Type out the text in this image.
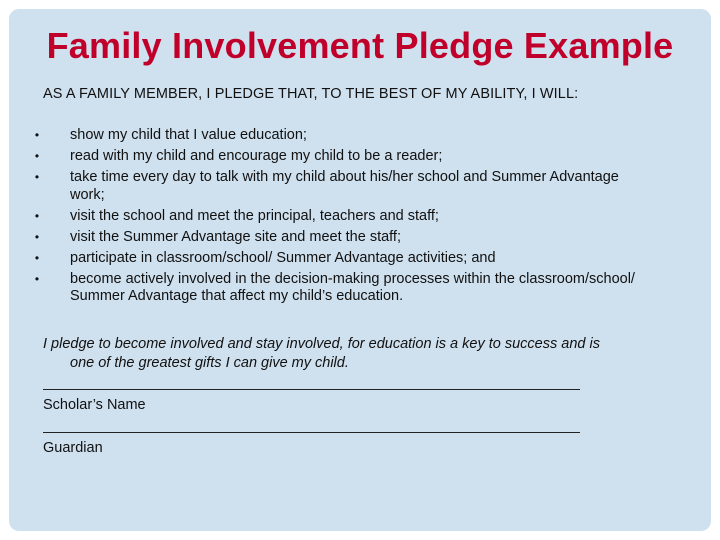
Family Involvement Pledge Example
AS A FAMILY MEMBER, I PLEDGE THAT, TO THE BEST OF MY ABILITY, I WILL:
•	show my child that I value education;
•	read with my child and encourage my child to be a reader;
•	take time every day to talk with my child about his/her school and Summer Advantage work;
•	visit the school and meet the principal, teachers and staff;
•	visit the Summer Advantage site and meet the staff;
•	participate in classroom/school/ Summer Advantage activities; and
•	become actively involved in the decision-making processes within the classroom/school/ Summer Advantage that affect my child’s education.
I pledge to become involved and stay involved, for education is a key to success and is
one of the greatest gifts I can give my child.
Scholar’s Name
Guardian
